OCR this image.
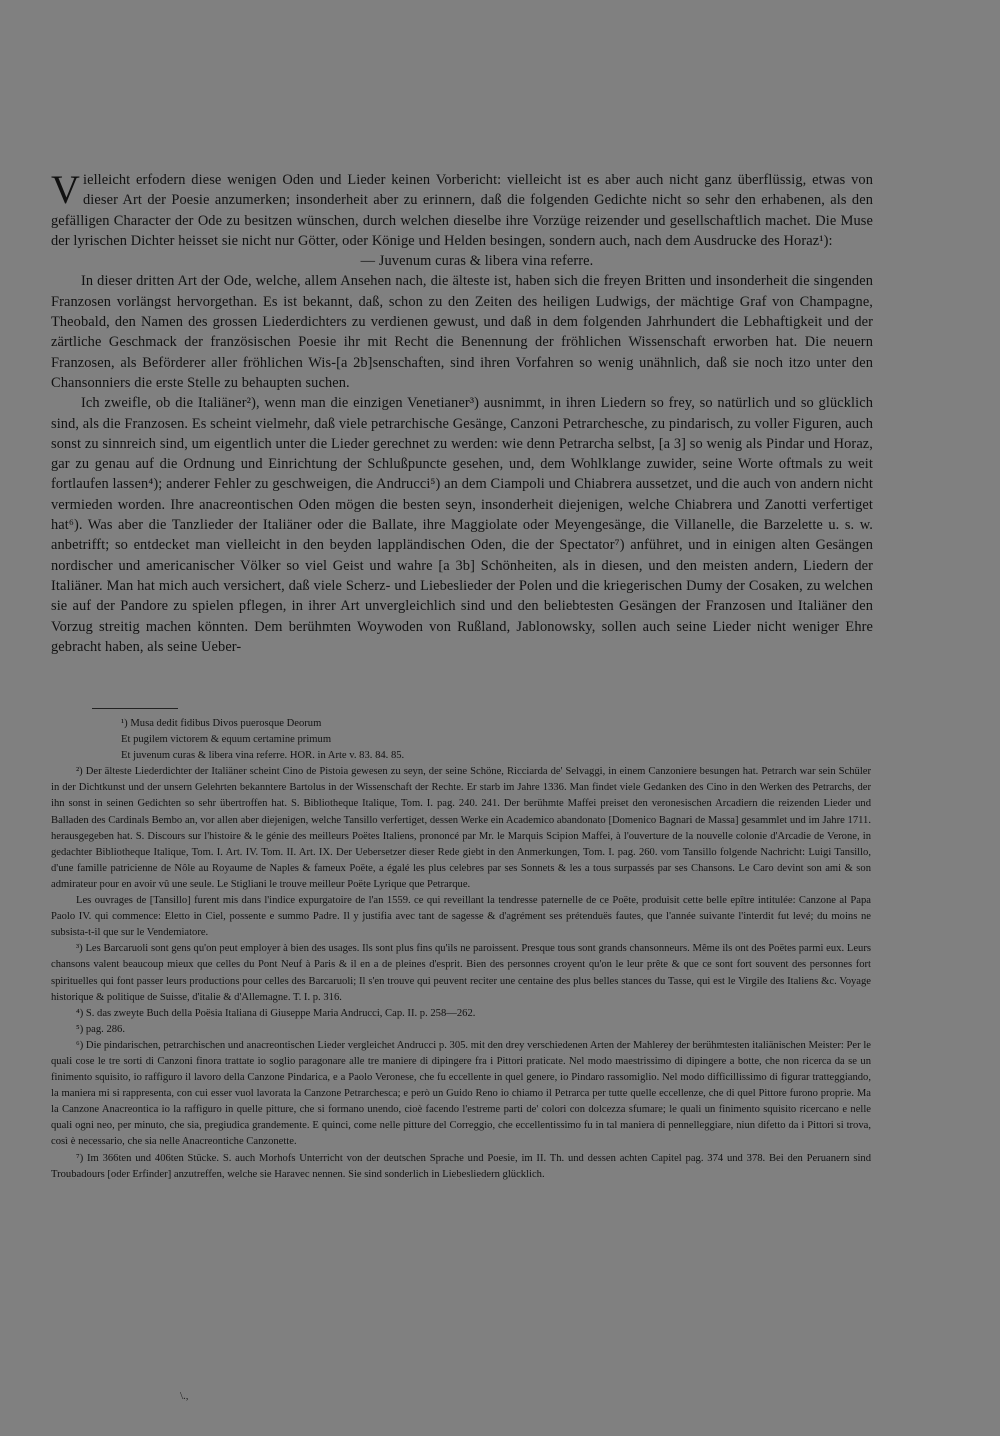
Vielleicht erfodern diese wenigen Oden und Lieder keinen Vorbericht: vielleicht ist es aber auch nicht ganz überflüssig, etwas von dieser Art der Poesie anzumerken; insonderheit aber zu erinnern, daß die folgenden Gedichte nicht so sehr den erhabenen, als den gefälligen Character der Ode zu besitzen wünschen, durch welchen dieselbe ihre Vorzüge reizender und gesellschaftlich machet. Die Muse der lyrischen Dichter heisset sie nicht nur Götter, oder Könige und Helden besingen, sondern auch, nach dem Ausdrucke des Horaz¹):

— Juvenum curas & libera vina referre.

In dieser dritten Art der Ode, welche, allem Ansehen nach, die älteste ist, haben sich die freyen Britten und insonderheit die singenden Franzosen vorlängst hervorgethan. Es ist bekannt, daß, schon zu den Zeiten des heiligen Ludwigs, der mächtige Graf von Champagne, Theobald, den Namen des grossen Liederdichters zu verdienen gewust, und daß in dem folgenden Jahrhundert die Lebhaftigkeit und der zärtliche Geschmack der französischen Poesie ihr mit Recht die Benennung der fröhlichen Wissenschaft erworben hat. Die neuern Franzosen, als Beförderer aller fröhlichen Wis-[a 2b]senschaften, sind ihren Vorfahren so wenig unähnlich, daß sie noch itzo unter den Chansonniers die erste Stelle zu behaupten suchen.

Ich zweifle, ob die Italiäner²), wenn man die einzigen Venetianer³) ausnimmt, in ihren Liedern so frey, so natürlich und so glücklich sind, als die Franzosen. Es scheint vielmehr, daß viele petrarchische Gesänge, Canzoni Petrarchesche, zu pindarisch, zu voller Figuren, auch sonst zu sinnreich sind, um eigentlich unter die Lieder gerechnet zu werden: wie denn Petrarcha selbst, [a 3] so wenig als Pindar und Horaz, gar zu genau auf die Ordnung und Einrichtung der Schlußpuncte gesehen, und, dem Wohlklange zuwider, seine Worte oftmals zu weit fortlaufen lassen⁴); anderer Fehler zu geschweigen, die Andrucci⁵) an dem Ciampoli und Chiabrera aussetzet, und die auch von andern nicht vermieden worden. Ihre anacreontischen Oden mögen die besten seyn, insonderheit diejenigen, welche Chiabrera und Zanotti verfertiget hat⁶). Was aber die Tanzlieder der Italiäner oder die Ballate, ihre Maggiolate oder Meyengesänge, die Villanelle, die Barzelette u. s. w. anbetrifft; so entdecket man vielleicht in den beyden lappländischen Oden, die der Spectator⁷) anführet, und in einigen alten Gesängen nordischer und americanischer Völker so viel Geist und wahre [a 3b] Schönheiten, als in diesen, und den meisten andern, Liedern der Italiäner. Man hat mich auch versichert, daß viele Scherz- und Liebeslieder der Polen und die kriegerischen Dumy der Cosaken, zu welchen sie auf der Pandore zu spielen pflegen, in ihrer Art unvergleichlich sind und den beliebtesten Gesängen der Franzosen und Italiäner den Vorzug streitig machen könnten. Dem berühmten Woywoden von Rußland, Jablonowsky, sollen auch seine Lieder nicht weniger Ehre gebracht haben, als seine Ueber-

¹) Musa dedit fidibus Divos puerosque Deorum

Et pugilem victorem & equum certamine primum

Et juvenum curas & libera vina referre. HOR. in Arte v. 83. 84. 85.

²) Der älteste Liederdichter der Italiäner scheint Cino de Pistoia gewesen zu seyn, der seine Schöne, Ricciarda de' Selvaggi, in einem Canzoniere besungen hat. Petrarch war sein Schüler in der Dichtkunst und der unsern Gelehrten bekanntere Bartolus in der Wissenschaft der Rechte. Er starb im Jahre 1336. Man findet viele Gedanken des Cino in den Werken des Petrarchs, der ihn sonst in seinen Gedichten so sehr übertroffen hat. S. Bibliotheque Italique, Tom. I. pag. 240. 241. Der berühmte Maffei preiset den veronesischen Arcadiern die reizenden Lieder und Balladen des Cardinals Bembo an, vor allen aber diejenigen, welche Tansillo verfertiget, dessen Werke ein Academico abandonato [Domenico Bagnari de Massa] gesammlet und im Jahre 1711. herausgegeben hat. S. Discours sur l'histoire & le génie des meilleurs Poëtes Italiens, prononcé par Mr. le Marquis Scipion Maffei, à l'ouverture de la nouvelle colonie d'Arcadie de Verone, in gedachter Bibliotheque Italique, Tom. I. Art. IV. Tom. II. Art. IX. Der Uebersetzer dieser Rede giebt in den Anmerkungen, Tom. I. pag. 260. vom Tansillo folgende Nachricht: Luigi Tansillo, d'une famille patricienne de Nôle au Royaume de Naples & fameux Poëte, a égalé les plus celebres par ses Sonnets & les a tous surpassés par ses Chansons. Le Caro devint son ami & son admirateur pour en avoir vû une seule. Le Stigliani le trouve meilleur Poëte Lyrique que Petrarque.

Les ouvrages de [Tansillo] furent mis dans l'indice expurgatoire de l'an 1559. ce qui reveillant la tendresse paternelle de ce Poëte, produisit cette belle epître intitulée: Canzone al Papa Paolo IV. qui commence: Eletto in Ciel, possente e summo Padre. Il y justifia avec tant de sagesse & d'agrément ses prétenduës fautes, que l'année suivante l'interdit fut levé; du moins ne subsista-t-il que sur le Vendemiatore.

³) Les Barcaruoli sont gens qu'on peut employer à bien des usages. Ils sont plus fins qu'ils ne paroissent. Presque tous sont grands chansonneurs. Même ils ont des Poëtes parmi eux. Leurs chansons valent beaucoup mieux que celles du Pont Neuf à Paris & il en a de pleines d'esprit. Bien des personnes croyent qu'on le leur prête & que ce sont fort souvent des personnes fort spirituelles qui font passer leurs productions pour celles des Barcaruoli; Il s'en trouve qui peuvent reciter une centaine des plus belles stances du Tasse, qui est le Virgile des Italiens &c. Voyage historique & politique de Suisse, d'italie & d'Allemagne. T. I. p. 316.

⁴) S. das zweyte Buch della Poësia Italiana di Giuseppe Maria Andrucci, Cap. II. p. 258—262.

⁵) pag. 286.

⁶) Die pindarischen, petrarchischen und anacreontischen Lieder vergleichet Andrucci p. 305. mit den drey verschiedenen Arten der Mahlerey der berühmtesten italiänischen Meister: Per le quali cose le tre sorti di Canzoni finora trattate io soglio paragonare alle tre maniere di dipingere fra i Pittori praticate. Nel modo maestrissimo di dipingere a botte, che non ricerca da se un finimento squisito, io raffiguro il lavoro della Canzone Pindarica, e a Paolo Veronese, che fu eccellente in quel genere, io Pindaro rassomiglio. Nel modo difficillissimo di figurar tratteggiando, la maniera mi si rappresenta, con cui esser vuol lavorata la Canzone Petrarchesca; e però un Guido Reno io chiamo il Petrarca per tutte quelle eccellenze, che di quel Pittore furono proprie. Ma la Canzone Anacreontica io la raffiguro in quelle pitture, che si formano unendo, cioè facendo l'estreme parti de' colori con dolcezza sfumare; le quali un finimento squisito ricercano e nelle quali ogni neo, per minuto, che sia, pregiudica grandemente. E quinci, come nelle pitture del Correggio, che eccellentissimo fu in tal maniera di pennelleggiare, niun difetto da i Pittori si trova, così è necessario, che sia nelle Anacreontiche Canzonette.

⁷) Im 366ten und 406ten Stücke. S. auch Morhofs Unterricht von der deutschen Sprache und Poesie, im II. Th. und dessen achten Capitel pag. 374 und 378. Bei den Peruanern sind Troubadours [oder Erfinder] anzutreffen, welche sie Haravec nennen. Sie sind sonderlich in Liebesliedern glücklich.

\.,
